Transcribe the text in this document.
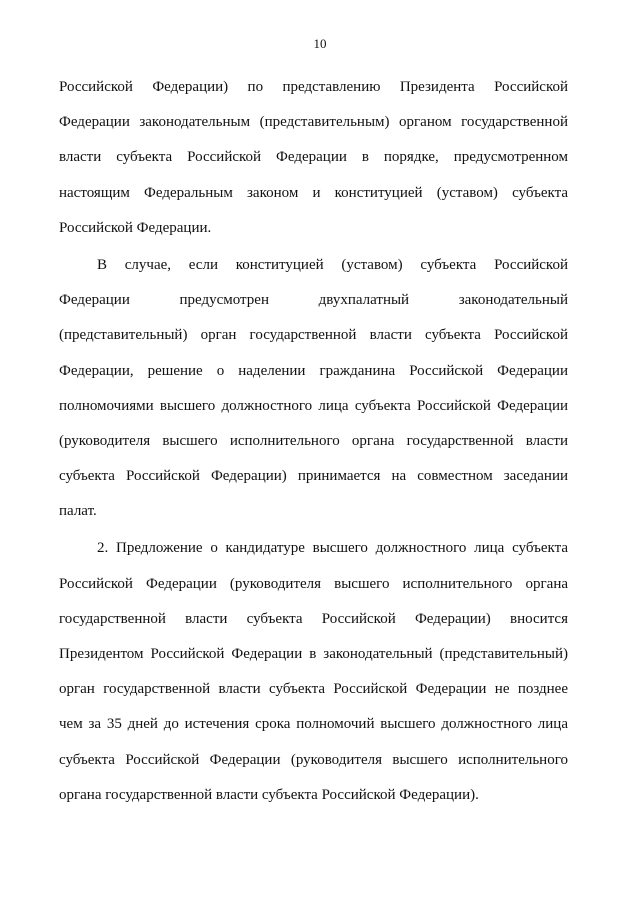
10
Российской Федерации) по представлению Президента Российской
Федерации законодательным (представительным) органом государственной
власти субъекта Российской Федерации в порядке, предусмотренном
настоящим Федеральным законом и конституцией (уставом) субъекта
Российской Федерации.
В случае, если конституцией (уставом) субъекта Российской
Федерации предусмотрен двухпалатный законодательный
(представительный) орган государственной власти субъекта Российской
Федерации, решение о наделении гражданина Российской Федерации
полномочиями высшего должностного лица субъекта Российской Федерации
(руководителя высшего исполнительного органа государственной власти
субъекта Российской Федерации) принимается на совместном заседании
палат.
2. Предложение о кандидатуре высшего должностного лица субъекта
Российской Федерации (руководителя высшего исполнительного органа
государственной власти субъекта Российской Федерации) вносится
Президентом Российской Федерации в законодательный (представительный)
орган государственной власти субъекта Российской Федерации не позднее
чем за 35 дней до истечения срока полномочий высшего должностного лица
субъекта Российской Федерации (руководителя высшего исполнительного
органа государственной власти субъекта Российской Федерации).
